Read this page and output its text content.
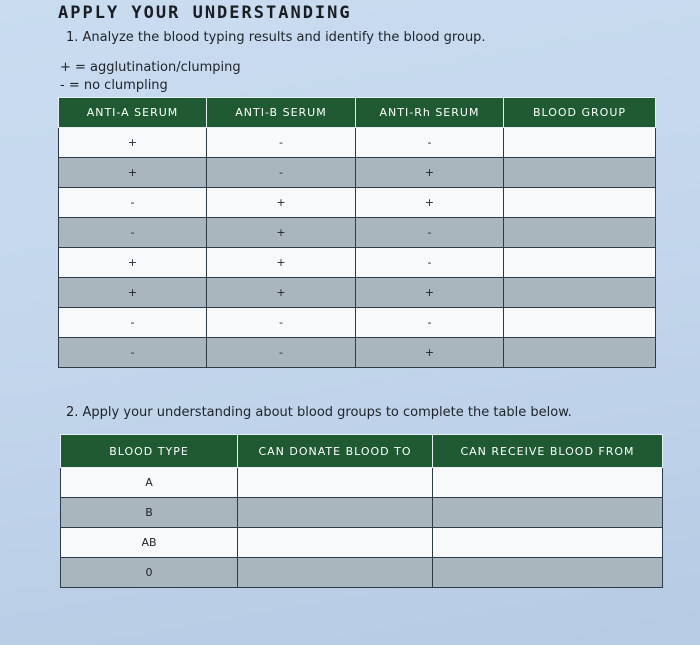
APPLY YOUR UNDERSTANDING
1. Analyze the blood typing results and identify the blood group.
+ = agglutination/clumping
- = no clumpling
ANTI-A SERUM	ANTI-B SERUM	ANTI-Rh SERUM	BLOOD GROUP
+	-	-	
+	-	+	
-	+	+	
-	+	-	
+	+	-	
+	+	+	
-	-	-	
-	-	+	
2. Apply your understanding about blood groups to complete the table below.
BLOOD TYPE	CAN DONATE BLOOD TO	CAN RECEIVE BLOOD FROM
A		
B		
AB		
0		
